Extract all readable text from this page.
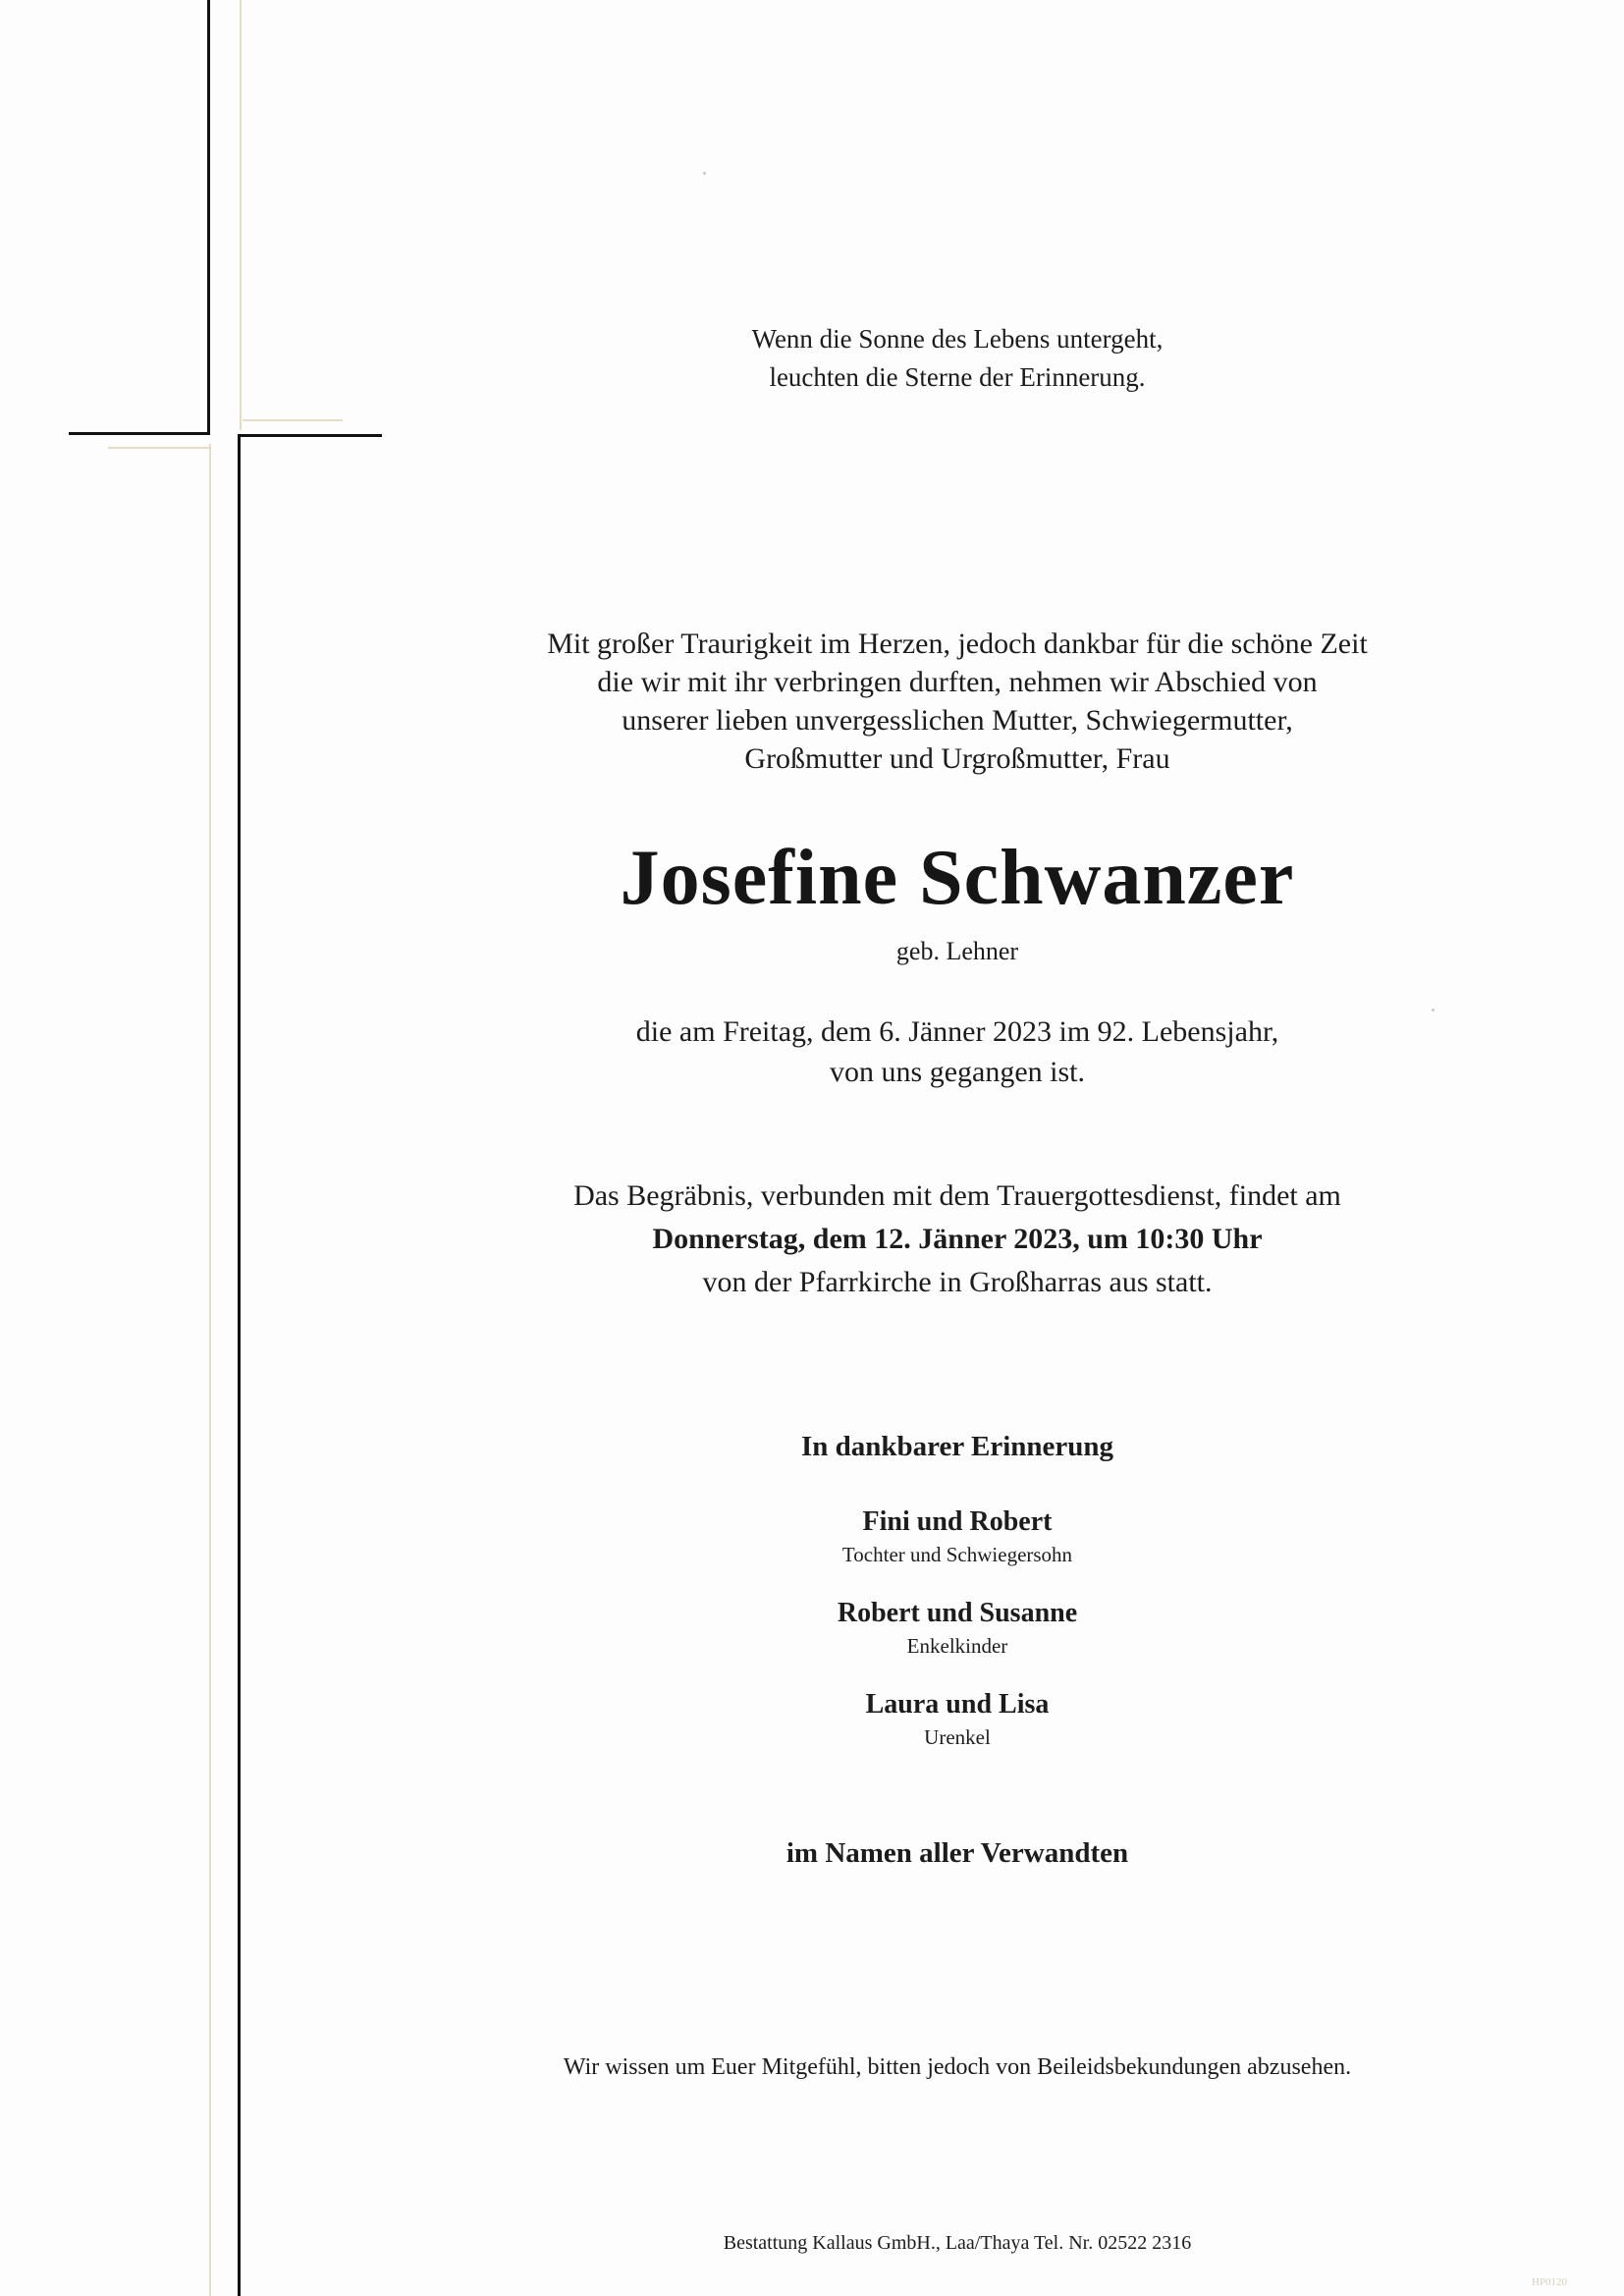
Wenn die Sonne des Lebens untergeht,
leuchten die Sterne der Erinnerung.
Mit großer Traurigkeit im Herzen, jedoch dankbar für die schöne Zeit
die wir mit ihr verbringen durften, nehmen wir Abschied von
unserer lieben unvergesslichen Mutter, Schwiegermutter,
Großmutter und Urgroßmutter, Frau
Josefine Schwanzer
geb. Lehner
die am Freitag, dem 6. Jänner 2023 im 92. Lebensjahr,
von uns gegangen ist.
Das Begräbnis, verbunden mit dem Trauergottesdienst, findet am
Donnerstag, dem 12. Jänner 2023, um 10:30 Uhr
von der Pfarrkirche in Großharras aus statt.
In dankbarer Erinnerung
Fini und Robert
Tochter und Schwiegersohn
Robert und Susanne
Enkelkinder
Laura und Lisa
Urenkel
im Namen aller Verwandten
Wir wissen um Euer Mitgefühl, bitten jedoch von Beileidsbekundungen abzusehen.
Bestattung Kallaus GmbH., Laa/Thaya Tel. Nr. 02522 2316
HP0120
